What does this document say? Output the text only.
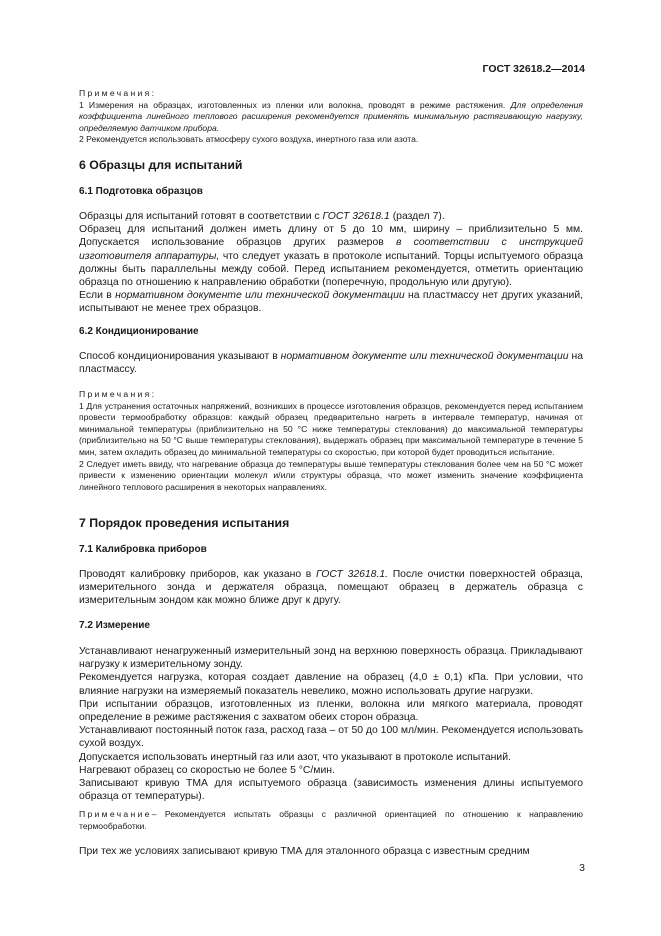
ГОСТ 32618.2—2014
Примечания:
1 Измерения на образцах, изготовленных из пленки или волокна, проводят в режиме растяжения. Для определения коэффициента линейного теплового расширения рекомендуется применять минимальную растягивающую нагрузку, определяемую датчиком прибора.
2 Рекомендуется использовать атмосферу сухого воздуха, инертного газа или азота.
6 Образцы для испытаний
6.1 Подготовка образцов

Образцы для испытаний готовят в соответствии с ГОСТ 32618.1 (раздел 7).

Образец для испытаний должен иметь длину от 5 до 10 мм, ширину – приблизительно 5 мм. Допускается использование образцов других размеров в соответствии с инструкцией изготовителя аппаратуры, что следует указать в протоколе испытаний. Торцы испытуемого образца должны быть параллельны между собой. Перед испытанием рекомендуется, отметить ориентацию образца по отношению к направлению обработки (поперечную, продольную или другую).

Если в нормативном документе или технической документации на пластмассу нет других указаний, испытывают не менее трех образцов.

6.2 Кондиционирование

Способ кондиционирования указывают в нормативном документе или технической документации на пластмассу.

Примечания:
1 Для устранения остаточных напряжений, возникших в процессе изготовления образцов, рекомендуется перед испытанием провести термообработку образцов: каждый образец предварительно нагреть в интервале температур, начиная от минимальной температуры (приблизительно на 50 °С ниже температуры стеклования) до максимальной температуры (приблизительно на 50 °С выше температуры стеклования), выдержать образец при максимальной температуре в течение 5 мин, затем охладить образец до минимальной температуры со скоростью, при которой будет проводиться испытание.
2 Следует иметь ввиду, что нагревание образца до температуры выше температуры стеклования более чем на 50 °С может привести к изменению ориентации молекул и/или структуры образца, что может изменить значение коэффициента линейного теплового расширения в некоторых направлениях.
7 Порядок проведения испытания
7.1 Калибровка приборов

Проводят калибровку приборов, как указано в ГОСТ 32618.1. После очистки поверхностей образца, измерительного зонда и держателя образца, помещают образец в держатель образца с измерительным зондом как можно ближе друг к другу.

7.2 Измерение

Устанавливают ненагруженный измерительный зонд на верхнюю поверхность образца. Прикладывают нагрузку к измерительному зонду.

Рекомендуется нагрузка, которая создает давление на образец (4,0 ± 0,1) кПа. При условии, что влияние нагрузки на измеряемый показатель невелико, можно использовать другие нагрузки.

При испытании образцов, изготовленных из пленки, волокна или мягкого материала, проводят определение в режиме растяжения с захватом обеих сторон образца.

Устанавливают постоянный поток газа, расход газа – от 50 до 100 мл/мин. Рекомендуется использовать сухой воздух.

Допускается использовать инертный газ или азот, что указывают в протоколе испытаний.

Нагревают образец со скоростью не более 5 °С/мин.

Записывают кривую ТМА для испытуемого образца (зависимость изменения длины испытуемого образца от температуры).

Примечание– Рекомендуется испытать образцы с различной ориентацией по отношению к направлению термообработки.

При тех же условиях записывают кривую ТМА для эталонного образца с известным средним

3
